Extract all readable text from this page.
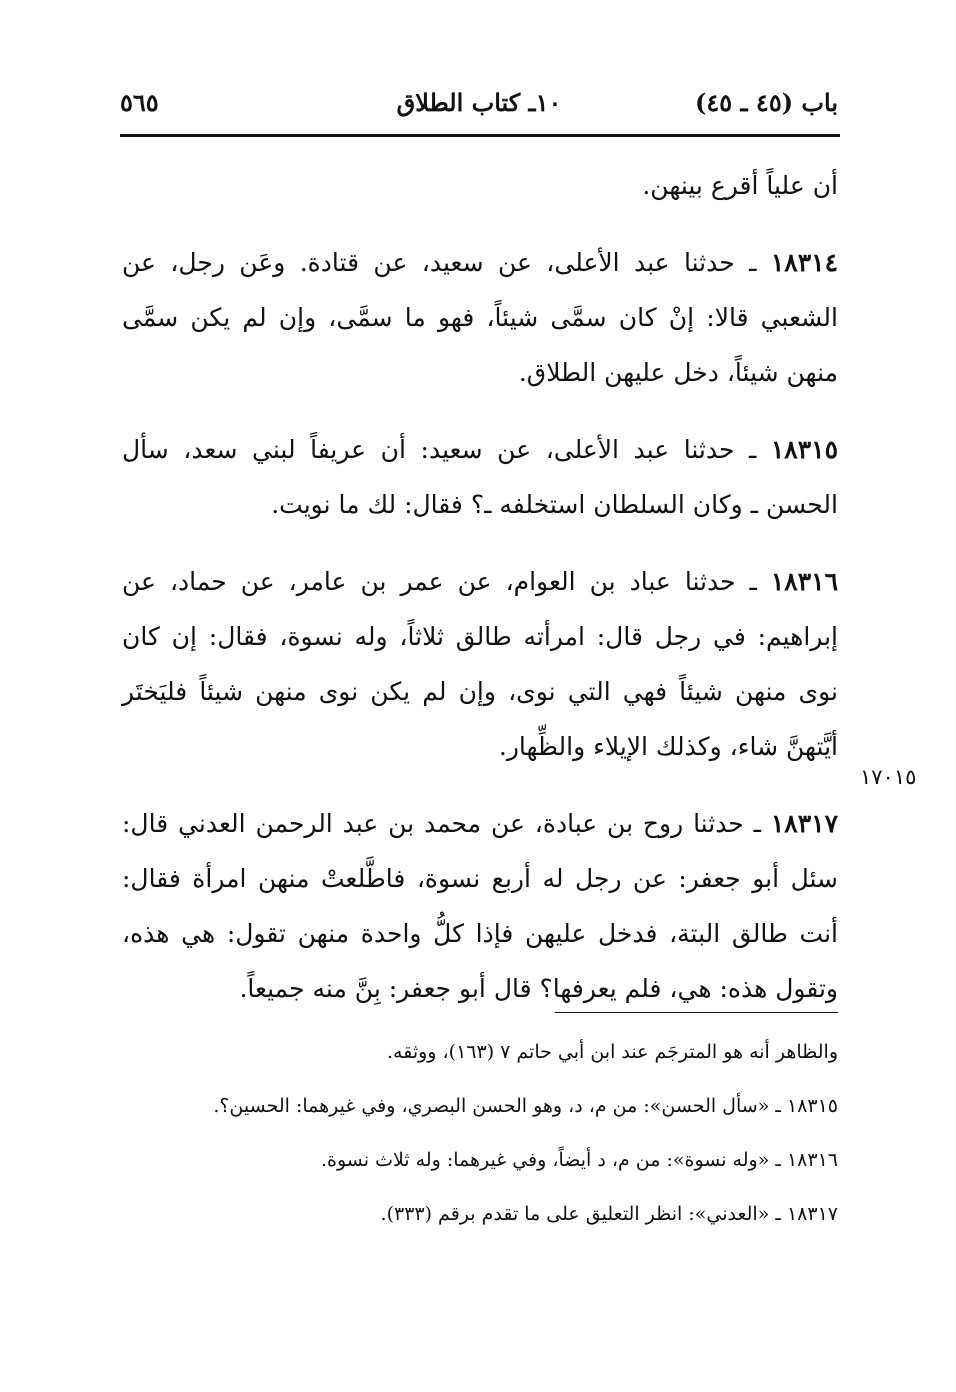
باب (٤٥ ـ ٤٥)
١٠ـ كتاب الطلاق
٥٦٥

أن علياً أقرع بينهن.

١٨٣١٤ ـ حدثنا عبد الأعلى، عن سعيد، عن قتادة. وعَن رجل، عن الشعبي قالا: إنْ كان سمَّى شيئاً، فهو ما سمَّى، وإن لم يكن سمَّى منهن شيئاً، دخل عليهن الطلاق.

١٨٣١٥ ـ حدثنا عبد الأعلى، عن سعيد: أن عريفاً لبني سعد، سأل الحسن ـ وكان السلطان استخلفه ـ؟ فقال: لك ما نويت.

١٨٣١٦ ـ حدثنا عباد بن العوام، عن عمر بن عامر، عن حماد، عن إبراهيم: في رجل قال: امرأته طالق ثلاثاً، وله نسوة، فقال: إن كان نوى منهن شيئاً فهي التي نوى، وإن لم يكن نوى منهن شيئاً فليَختَر أيَّتهنَّ شاء، وكذلك الإيلاء والظِّهار.

١٨٣١٧ ـ حدثنا روح بن عبادة، عن محمد بن عبد الرحمن العدني قال: سئل أبو جعفر: عن رجل له أربع نسوة، فاطَّلعتْ منهن امرأة فقال: أنت طالق البتة، فدخل عليهن فإذا كلُّ واحدة منهن تقول: هي هذه، وتقول هذه: هي، فلم يعرفها؟ قال أبو جعفر: بِنَّ منه جميعاً.

١٧٠١٥

والظاهر أنه هو المترجَم عند ابن أبي حاتم ٧ (١٦٣)، ووثقه.

١٨٣١٥ ـ «سأل الحسن»: من م، د، وهو الحسن البصري، وفي غيرهما: الحسين؟.

١٨٣١٦ ـ «وله نسوة»: من م، د أيضاً، وفي غيرهما: وله ثلاث نسوة.

١٨٣١٧ ـ «العدني»: انظر التعليق على ما تقدم برقم (٣٣٣).
